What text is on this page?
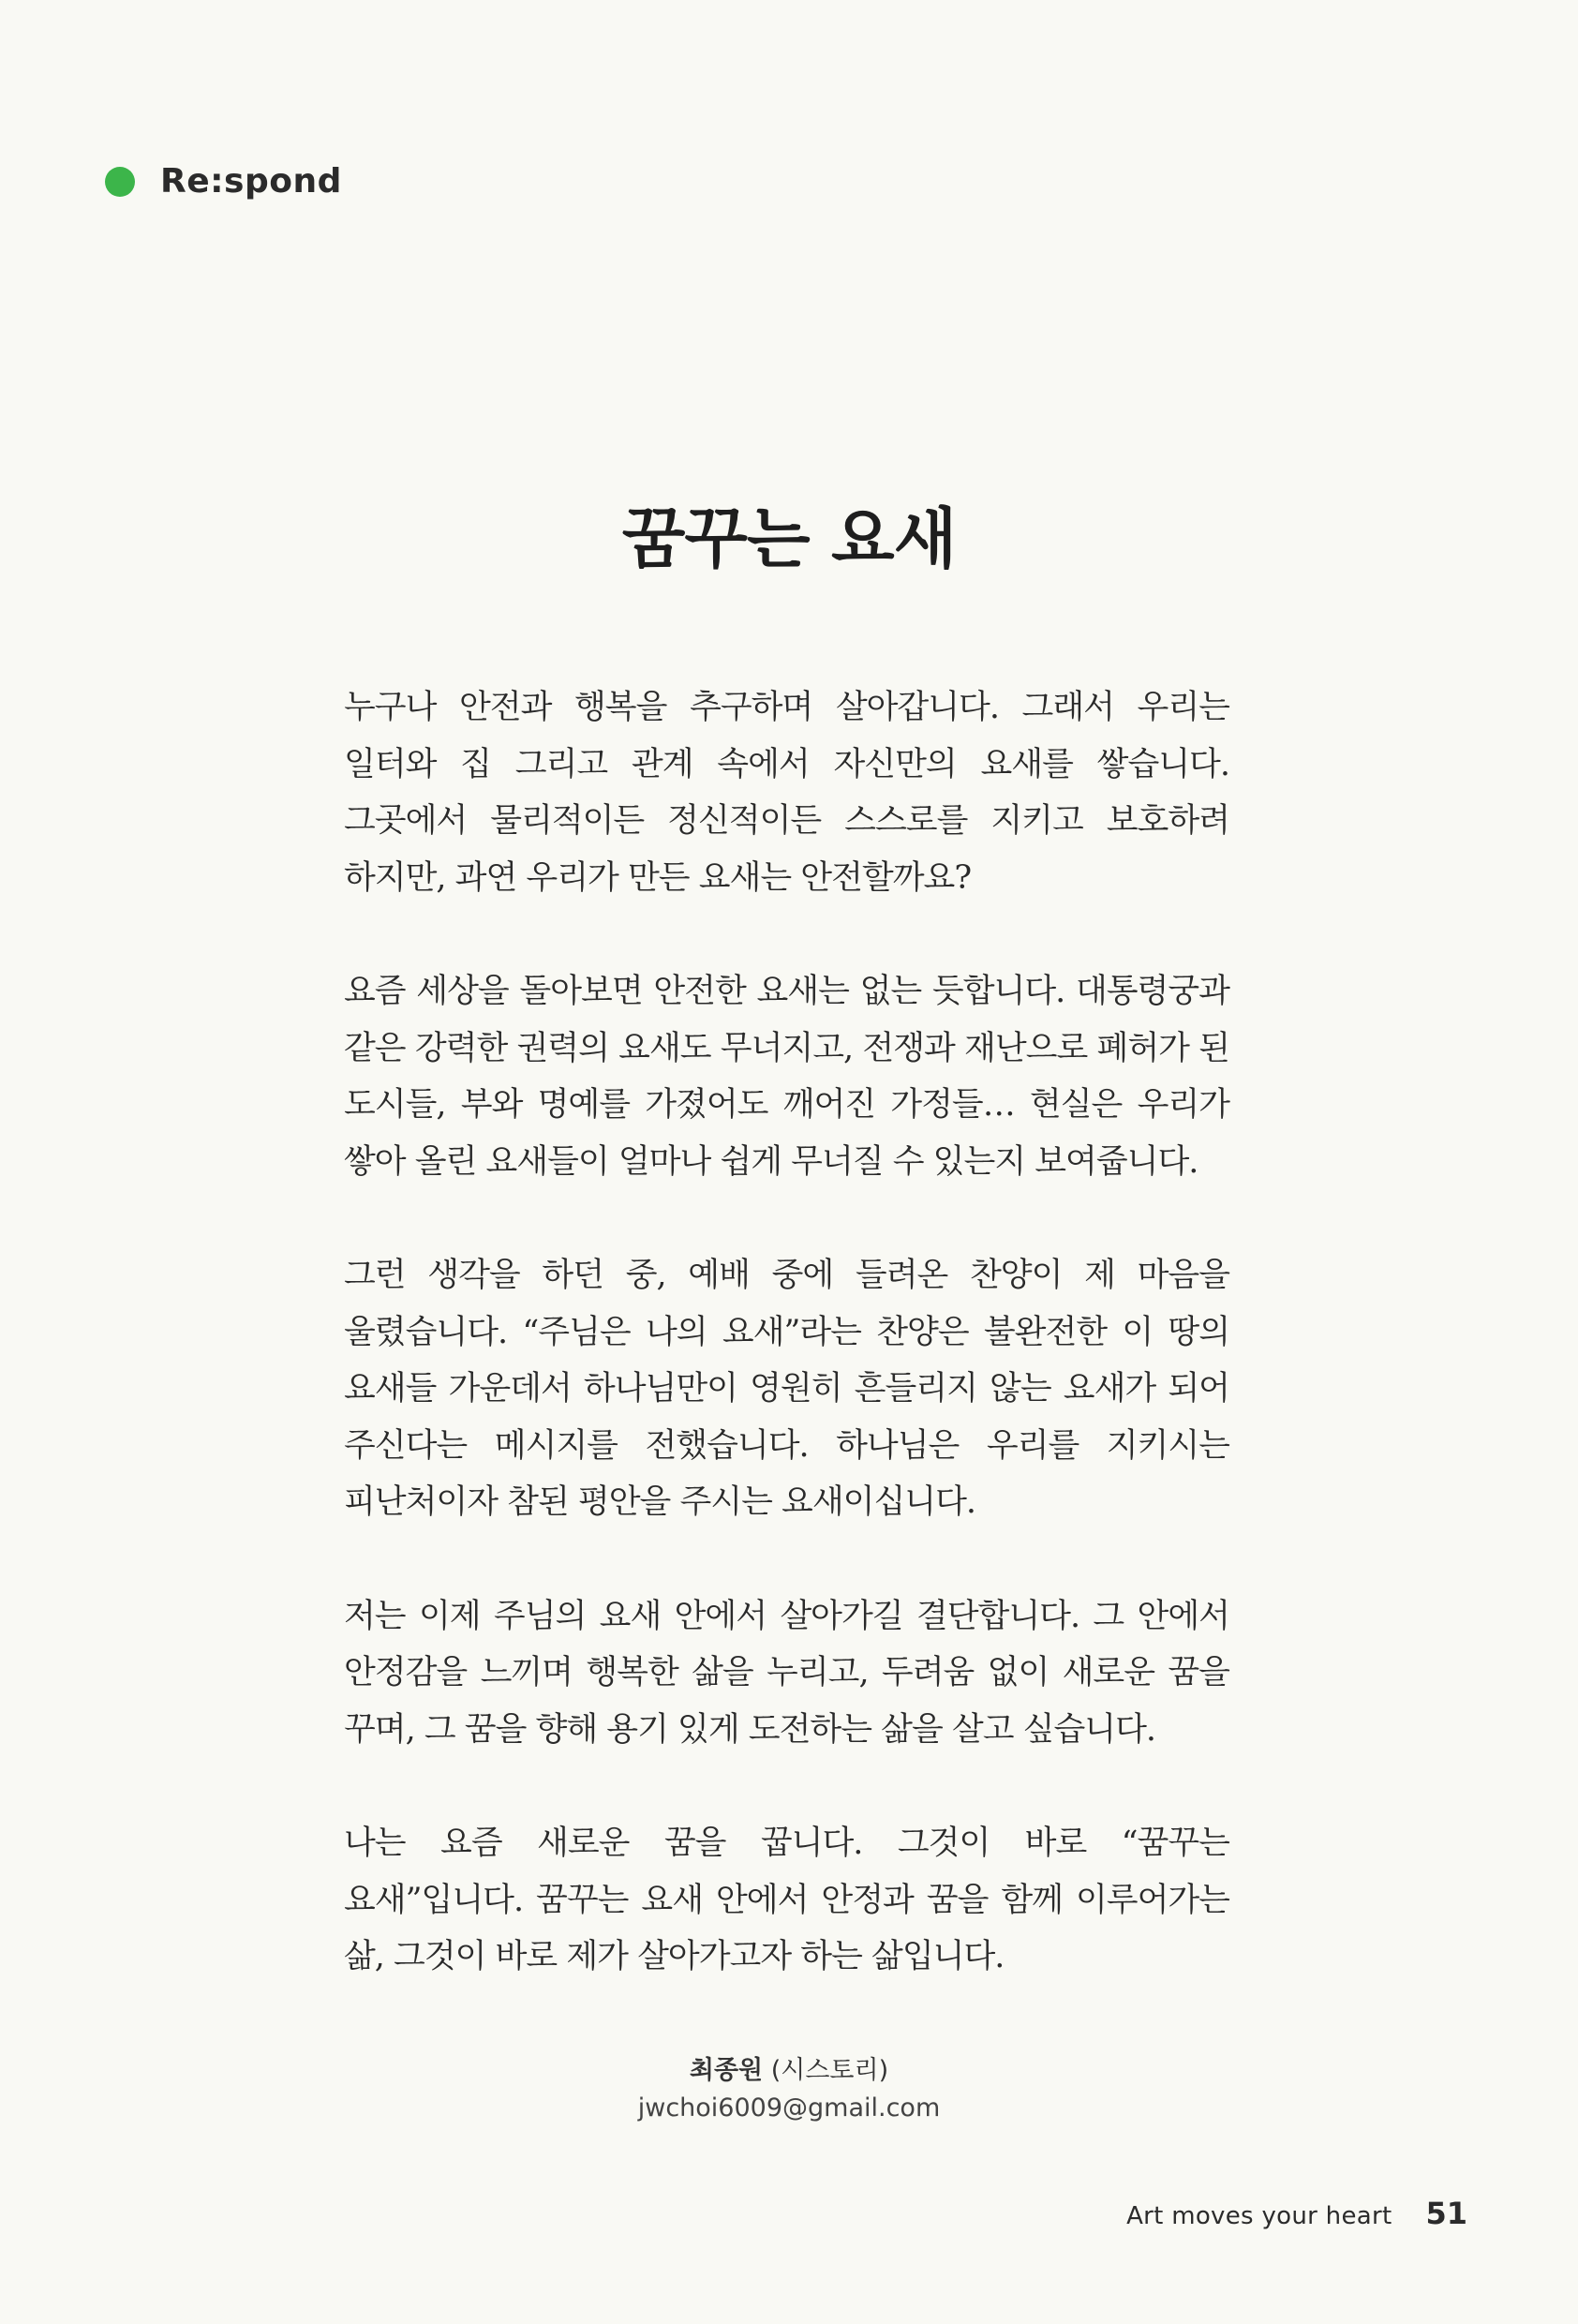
Re:spond
꿈꾸는 요새

누구나 안전과 행복을 추구하며 살아갑니다. 그래서 우리는 일터와 집 그리고 관계 속에서 자신만의 요새를 쌓습니다. 그곳에서 물리적이든 정신적이든 스스로를 지키고 보호하려 하지만, 과연 우리가 만든 요새는 안전할까요?

요즘 세상을 돌아보면 안전한 요새는 없는 듯합니다. 대통령궁과 같은 강력한 권력의 요새도 무너지고, 전쟁과 재난으로 폐허가 된 도시들, 부와 명예를 가졌어도 깨어진 가정들… 현실은 우리가 쌓아 올린 요새들이 얼마나 쉽게 무너질 수 있는지 보여줍니다.

그런 생각을 하던 중, 예배 중에 들려온 찬양이 제 마음을 울렸습니다. “주님은 나의 요새”라는 찬양은 불완전한 이 땅의 요새들 가운데서 하나님만이 영원히 흔들리지 않는 요새가 되어 주신다는 메시지를 전했습니다. 하나님은 우리를 지키시는 피난처이자 참된 평안을 주시는 요새이십니다.

저는 이제 주님의 요새 안에서 살아가길 결단합니다. 그 안에서 안정감을 느끼며 행복한 삶을 누리고, 두려움 없이 새로운 꿈을 꾸며, 그 꿈을 향해 용기 있게 도전하는 삶을 살고 싶습니다.

나는 요즘 새로운 꿈을 꿉니다. 그것이 바로 “꿈꾸는 요새”입니다. 꿈꾸는 요새 안에서 안정과 꿈을 함께 이루어가는 삶, 그것이 바로 제가 살아가고자 하는 삶입니다.

최종원 (시스토리)
jwchoi6009@gmail.com
Art moves your heart 51
